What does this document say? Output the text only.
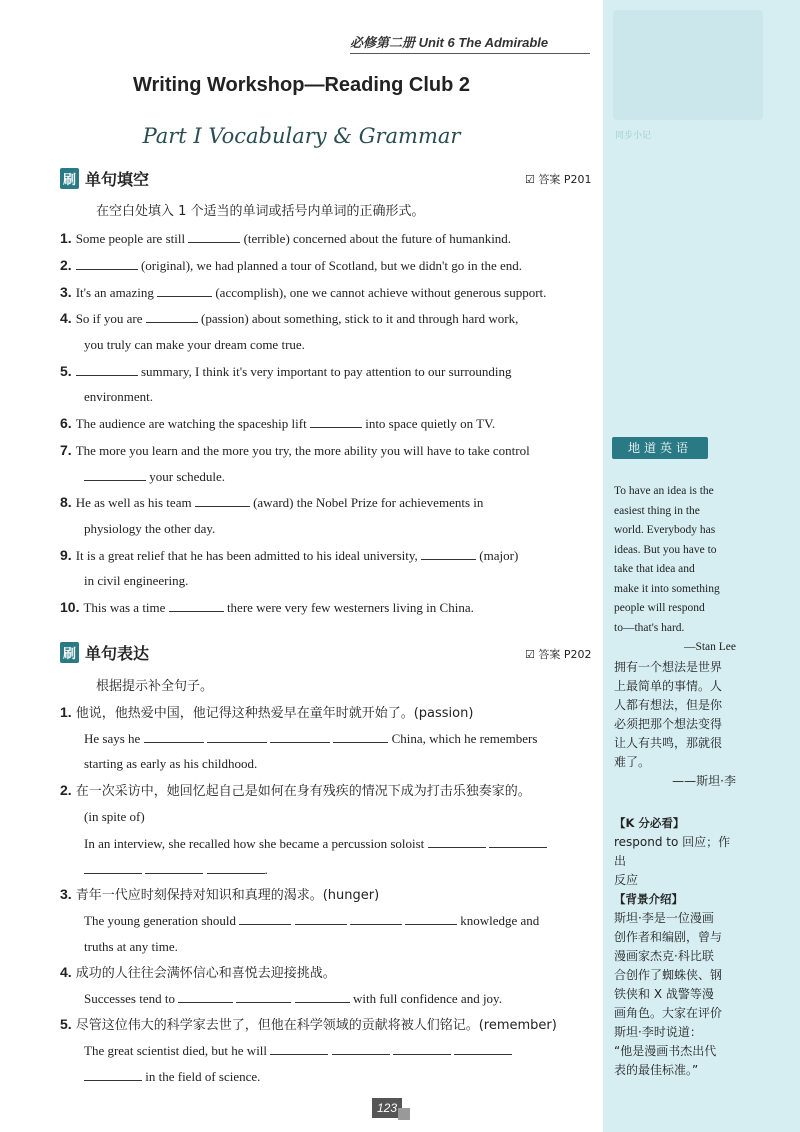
同步小记
必修第二册 Unit 6 The Admirable
Writing Workshop—Reading Club 2
Part I Vocabulary & Grammar
刷 单句填空	☑ 答案 P201
在空白处填入 1 个适当的单词或括号内单词的正确形式。
1. Some people are still	(terrible) concerned about the future of humankind.
2.	(original), we had planned a tour of Scotland, but we didn't go in the end.
3. It's an amazing	(accomplish), one we cannot achieve without generous support.
4. So if you are	(passion) about something, stick to it and through hard work,
you truly can make your dream come true.
5.	summary, I think it's very important to pay attention to our surrounding
environment.
6. The audience are watching the spaceship lift	into space quietly on TV.
7. The more you learn and the more you try, the more ability you will have to take control
your schedule.
8. He as well as his team	(award) the Nobel Prize for achievements in
physiology the other day.
9. It is a great relief that he has been admitted to his ideal university,	(major)
in civil engineering.
10. This was a time	there were very few westerners living in China.
刷 单句表达	☑ 答案 P202
根据提示补全句子。
1. 他说，他热爱中国，他记得这种热爱早在童年时就开始了。(passion)
He says he	China, which he remembers
starting as early as his childhood.
2. 在一次采访中，她回忆起自己是如何在身有残疾的情况下成为打击乐独奏家的。
(in spite of)
In an interview, she recalled how she became a percussion soloist
.
3. 青年一代应时刻保持对知识和真理的渴求。(hunger)
The young generation should	knowledge and
truths at any time.
4. 成功的人往往会满怀信心和喜悦去迎接挑战。
Successes tend to	with full confidence and joy.
5. 尽管这位伟大的科学家去世了，但他在科学领域的贡献将被人们铭记。(remember)
The great scientist died, but he will
in the field of science.
地道英语
To have an idea is the
easiest thing in the
world. Everybody has
ideas. But you have to
take that idea and
make it into something
people will respond
to—that's hard.
—Stan Lee
拥有一个想法是世界
上最简单的事情。人
人都有想法，但是你
必须把那个想法变得
让人有共鸣，那就很
难了。
——斯坦·李
【K 分必看】
respond to 回应；作出
反应
【背景介绍】
斯坦·李是一位漫画
创作者和编剧，曾与
漫画家杰克·科比联
合创作了蜘蛛侠、钢
铁侠和 X 战警等漫
画角色。大家在评价
斯坦·李时说道：
“他是漫画书杰出代
表的最佳标准。”
123
